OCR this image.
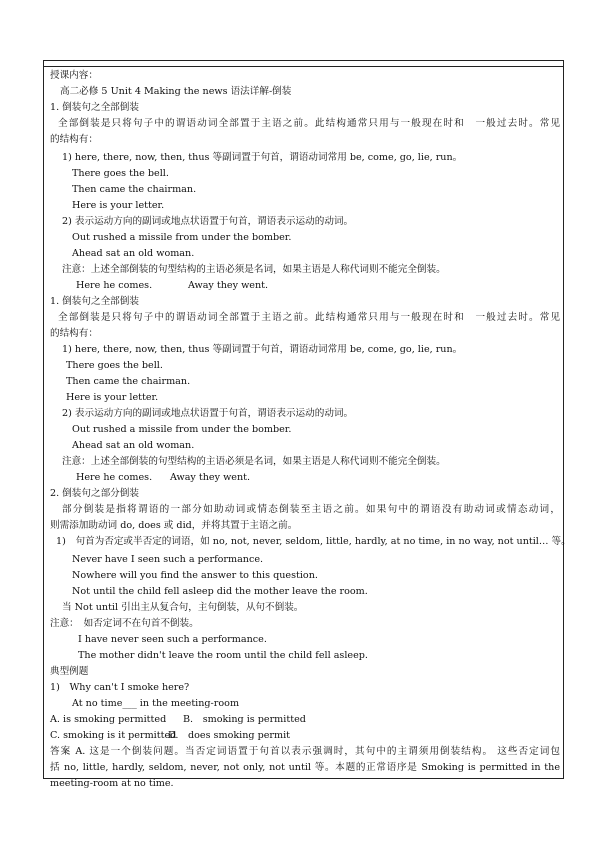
授课内容：
高二必修 5 Unit 4 Making the news 语法详解-倒装
1. 倒装句之全部倒装
全部倒装是只将句子中的谓语动词全部置于主语之前。此结构通常只用与一般现在时和　一般过去时。常见
的结构有：
1) here, there, now, then, thus 等副词置于句首，谓语动词常用 be, come, go, lie, run。
There goes the bell.
Then came the chairman.
Here is your letter.
2) 表示运动方向的副词或地点状语置于句首，谓语表示运动的动词。
Out rushed a missile from under the bomber.
Ahead sat an old woman.
注意：上述全部倒装的句型结构的主语必须是名词，如果主语是人称代词则不能完全倒装。
Here he comes.	Away they went.
1. 倒装句之全部倒装
全部倒装是只将句子中的谓语动词全部置于主语之前。此结构通常只用与一般现在时和　一般过去时。常见
的结构有：
1) here, there, now, then, thus 等副词置于句首，谓语动词常用 be, come, go, lie, run。
There goes the bell.
Then came the chairman.
Here is your letter.
2) 表示运动方向的副词或地点状语置于句首，谓语表示运动的动词。
Out rushed a missile from under the bomber.
Ahead sat an old woman.
注意：上述全部倒装的句型结构的主语必须是名词，如果主语是人称代词则不能完全倒装。
Here he comes. Away they went.
2. 倒装句之部分倒装
部分倒装是指将谓语的一部分如助动词或情态倒装至主语之前。如果句中的谓语没有助动词或情态动词，
则需添加助动词 do, does 或 did，并将其置于主语之前。
1)　句首为否定或半否定的词语，如 no, not, never, seldom, little, hardly, at no time, in no way, not until… 等。
Never have I seen such a performance.
Nowhere will you find the answer to this question.
Not until the child fell asleep did the mother leave the room.
当 Not until 引出主从复合句，主句倒装，从句不倒装。
注意：　如否定词不在句首不倒装。
I have never seen such a performance.
The mother didn't leave the room until the child fell asleep.
典型例题
1)　Why can't I smoke here?
At no time___ in the meeting-room
A. is smoking permitted B.　smoking is permitted
C. smoking is it permitted
D.　does smoking permit
答案 A. 这是一个倒装问题。当否定词语置于句首以表示强调时，其句中的主谓须用倒装结构。 这些否定词包
括 no, little, hardly, seldom, never, not only, not until 等。本题的正常语序是 Smoking is permitted in the
meeting-room at no time.
